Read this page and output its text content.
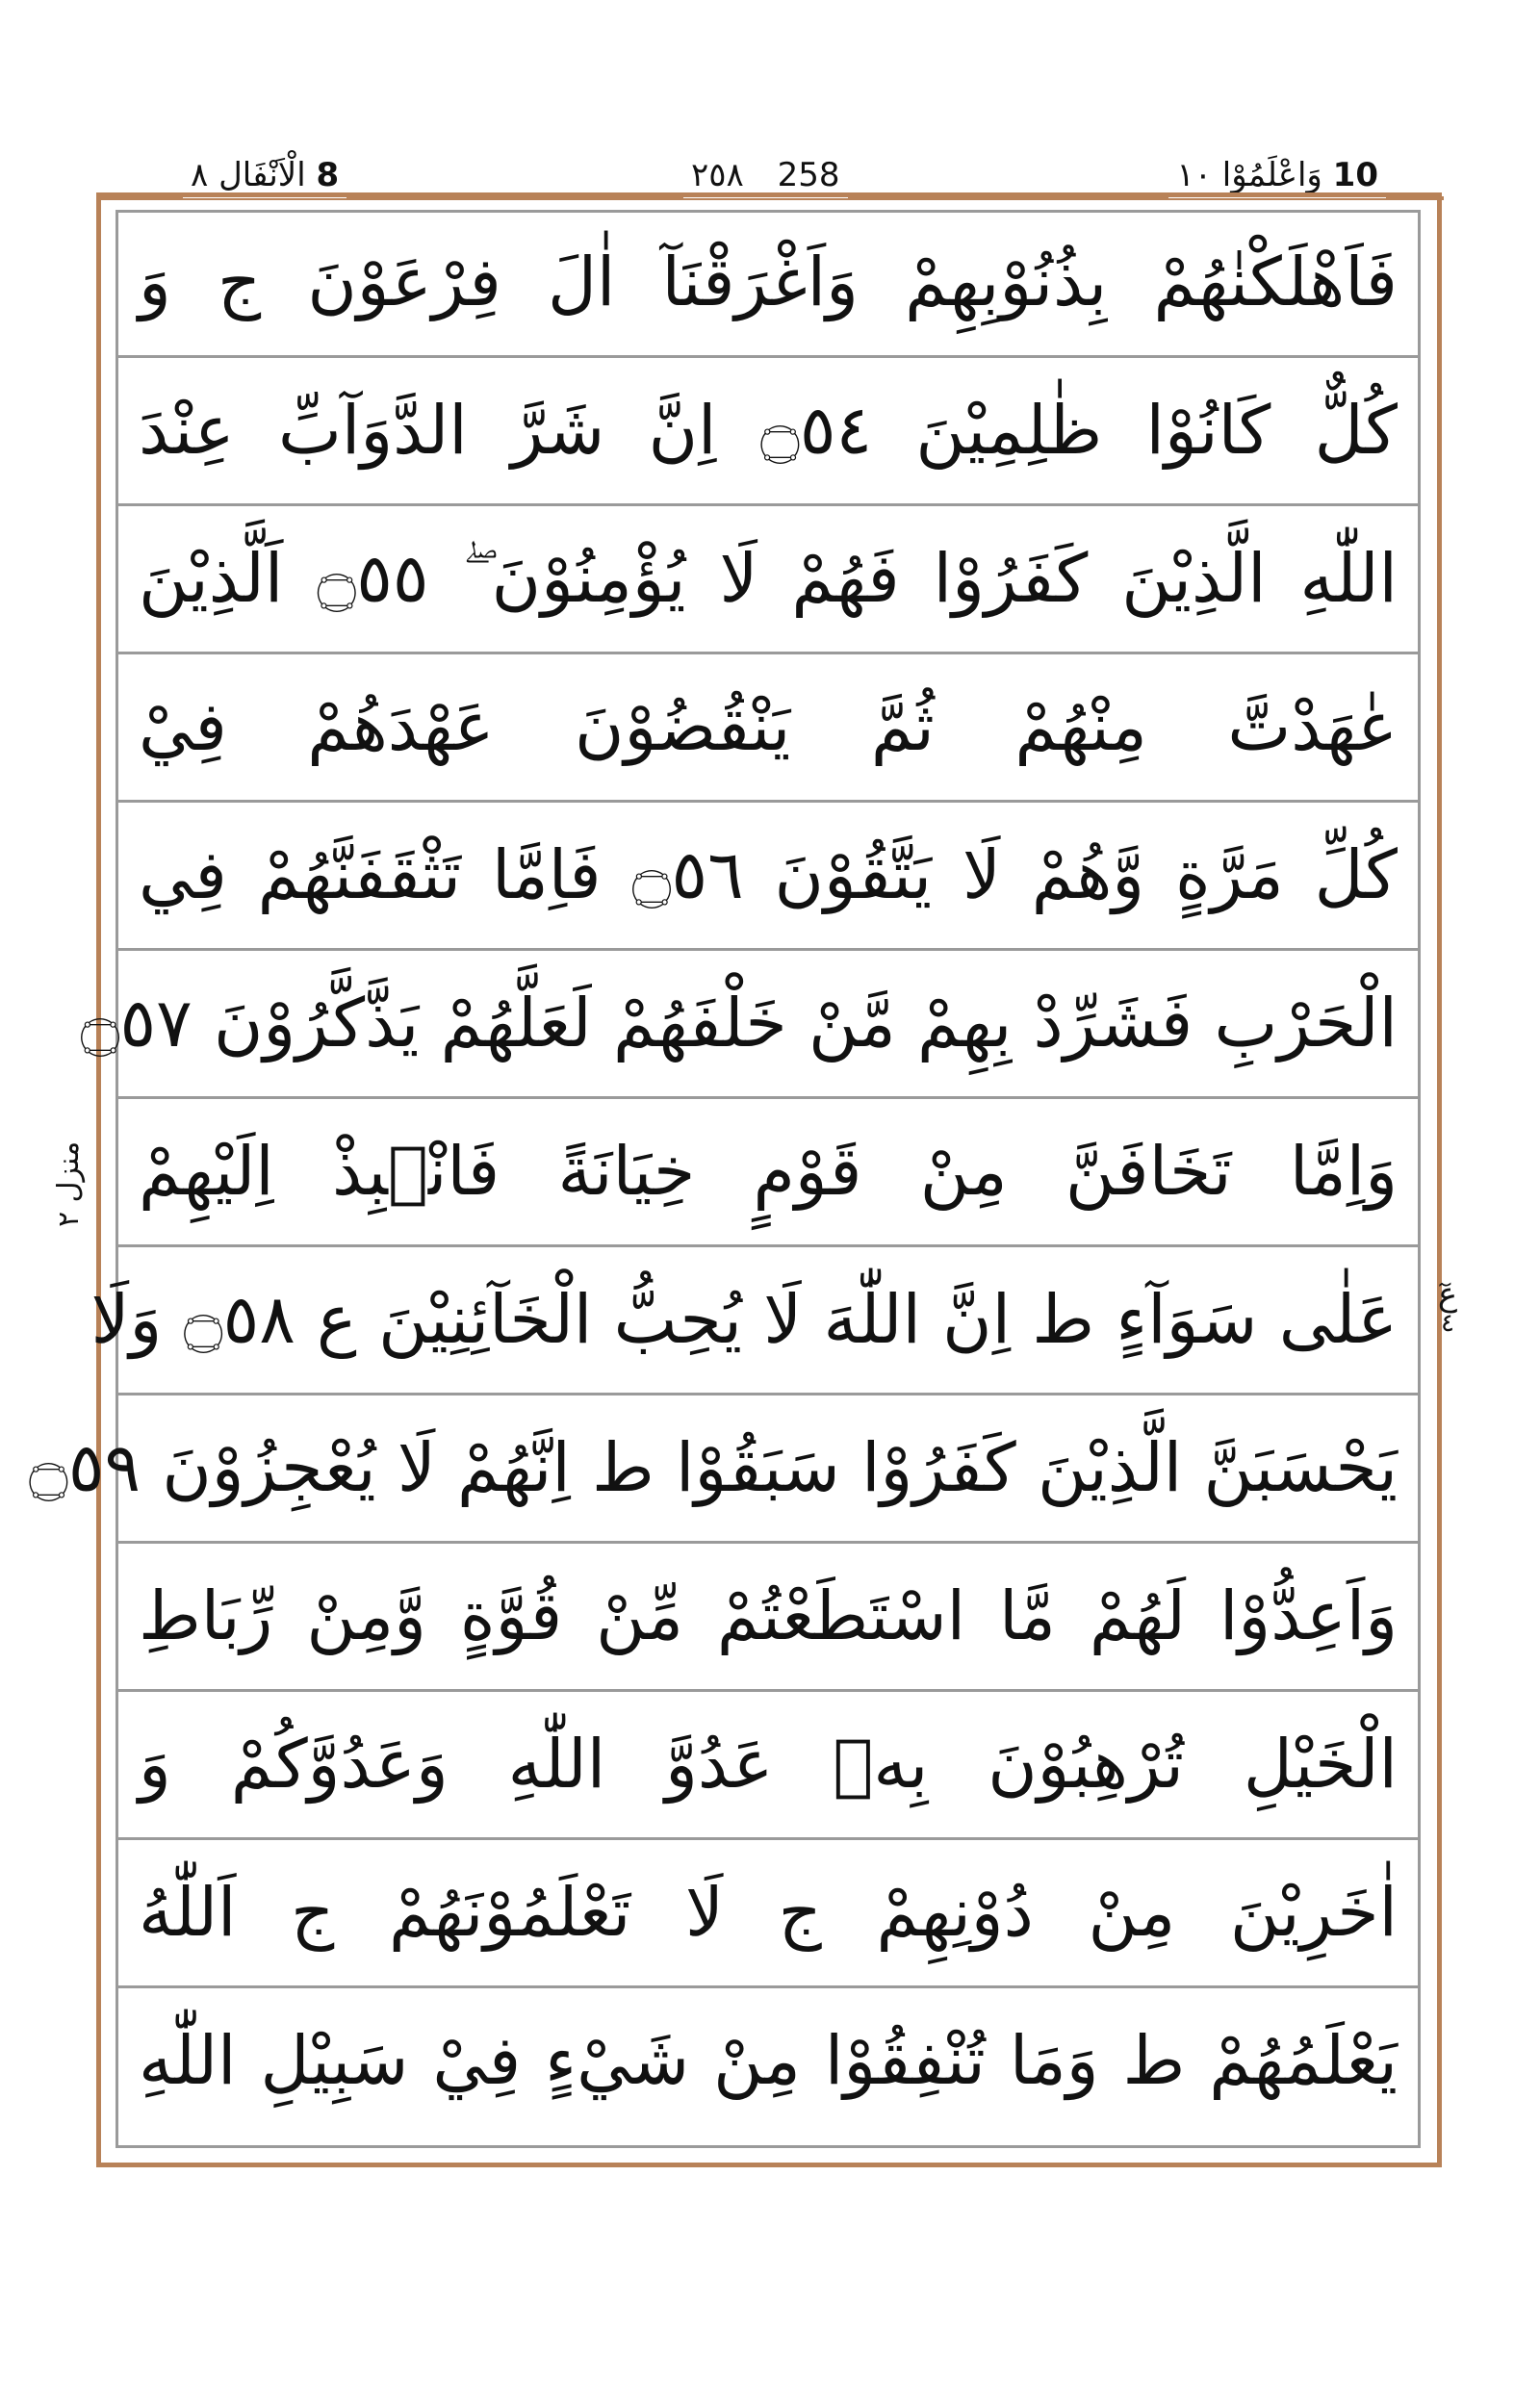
8 الْاَنْفَال ٨	٢٥٨ 258	10 وَاعْلَمُوْا ١٠
فَاَهْلَكْنٰهُمْ بِذُنُوْبِهِمْ وَاَغْرَقْنَآ اٰلَ فِرْعَوْنَ ج وَ
كُلٌّ كَانُوْا ظٰلِمِيْنَ ۝٥٤ اِنَّ شَرَّ الدَّوَآبِّ عِنْدَ
اللّٰهِ الَّذِيْنَ كَفَرُوْا فَهُمْ لَا يُؤْمِنُوْنَ ۖ ۝٥٥ اَلَّذِيْنَ
عٰهَدْتَّ مِنْهُمْ ثُمَّ يَنْقُضُوْنَ عَهْدَهُمْ فِيْ
كُلِّ مَرَّةٍ وَّهُمْ لَا يَتَّقُوْنَ ۝٥٦ فَاِمَّا تَثْقَفَنَّهُمْ فِي
الْحَرْبِ فَشَرِّدْ بِهِمْ مَّنْ خَلْفَهُمْ لَعَلَّهُمْ يَذَّكَّرُوْنَ ۝٥٧
وَاِمَّا تَخَافَنَّ مِنْ قَوْمٍ خِيَانَةً فَانْۢبِذْ اِلَيْهِمْ
عَلٰى سَوَآءٍ ط اِنَّ اللّٰهَ لَا يُحِبُّ الْخَآئِنِيْنَ ع ۝٥٨ وَلَا
يَحْسَبَنَّ الَّذِيْنَ كَفَرُوْا سَبَقُوْا ط اِنَّهُمْ لَا يُعْجِزُوْنَ ۝٥٩
وَاَعِدُّوْا لَهُمْ مَّا اسْتَطَعْتُمْ مِّنْ قُوَّةٍ وَّمِنْ رِّبَاطِ
الْخَيْلِ تُرْهِبُوْنَ بِهٖ عَدُوَّ اللّٰهِ وَعَدُوَّكُمْ وَ
اٰخَرِيْنَ مِنْ دُوْنِهِمْ ج لَا تَعْلَمُوْنَهُمْ ج اَللّٰهُ
يَعْلَمُهُمْ ط وَمَا تُنْفِقُوْا مِنْ شَيْءٍ فِيْ سَبِيْلِ اللّٰهِ
منزل ٢
عٓ
٤
